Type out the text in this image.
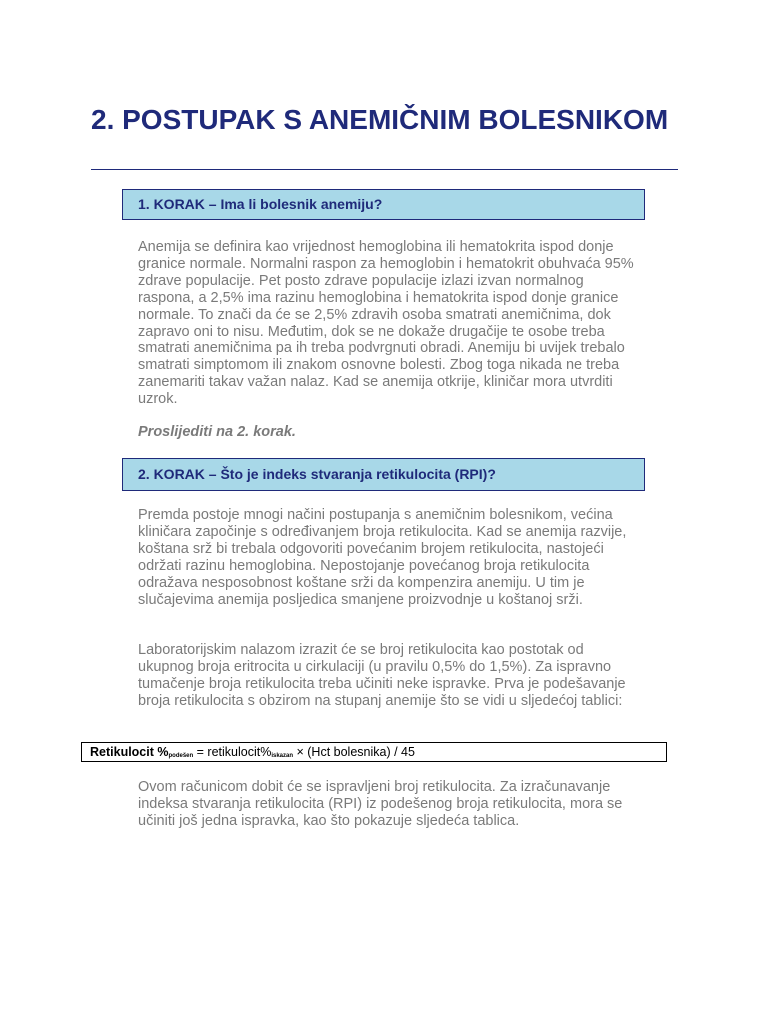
2. POSTUPAK S ANEMIČNIM BOLESNIKOM
1. KORAK – Ima li bolesnik anemiju?

Anemija se definira kao vrijednost hemoglobina ili hematokrita ispod donje granice normale. Normalni raspon za hemoglobin i hematokrit obuhvaća 95% zdrave populacije. Pet posto zdrave populacije izlazi izvan normalnog raspona, a 2,5% ima razinu hemoglobina i hematokrita ispod donje granice normale. To znači da će se 2,5% zdravih osoba smatrati anemičnima, dok zapravo oni to nisu. Međutim, dok se ne dokaže drugačije te osobe treba smatrati anemičnima pa ih treba podvrgnuti obradi. Anemiju bi uvijek trebalo smatrati simptomom ili znakom osnovne bolesti. Zbog toga nikada ne treba zanemariti takav važan nalaz. Kad se anemija otkrije, kliničar mora utvrditi uzrok.

Proslijediti na 2. korak.

2. KORAK – Što je indeks stvaranja retikulocita (RPI)?

Premda postoje mnogi načini postupanja s anemičnim bolesnikom, većina kliničara započinje s određivanjem broja retikulocita. Kad se anemija razvije, koštana srž bi trebala odgovoriti povećanim brojem retikulocita, nastojeći održati razinu hemoglobina. Nepostojanje povećanog broja retikulocita odražava nesposobnost koštane srži da kompenzira anemiju. U tim je slučajevima anemija posljedica smanjene proizvodnje u koštanoj srži.

Laboratorijskim nalazom izrazit će se broj retikulocita kao postotak od ukupnog broja eritrocita u cirkulaciji (u pravilu 0,5% do 1,5%). Za ispravno tumačenje broja retikulocita treba učiniti neke ispravke. Prva je podešavanje broja retikulocita s obzirom na stupanj anemije što se vidi u sljedećoj tablici:

Retikulocit $\%_{podešen}$ = $retikulocit\%_{iskazan} \times (Hct$ bolesnika) / 45

Ovom računicom dobit će se ispravljeni broj retikulocita. Za izračunavanje indeksa stvaranja retikulocita (RPI) iz podešenog broja retikulocita, mora se učiniti još jedna ispravka, kao što pokazuje sljedeća tablica.
